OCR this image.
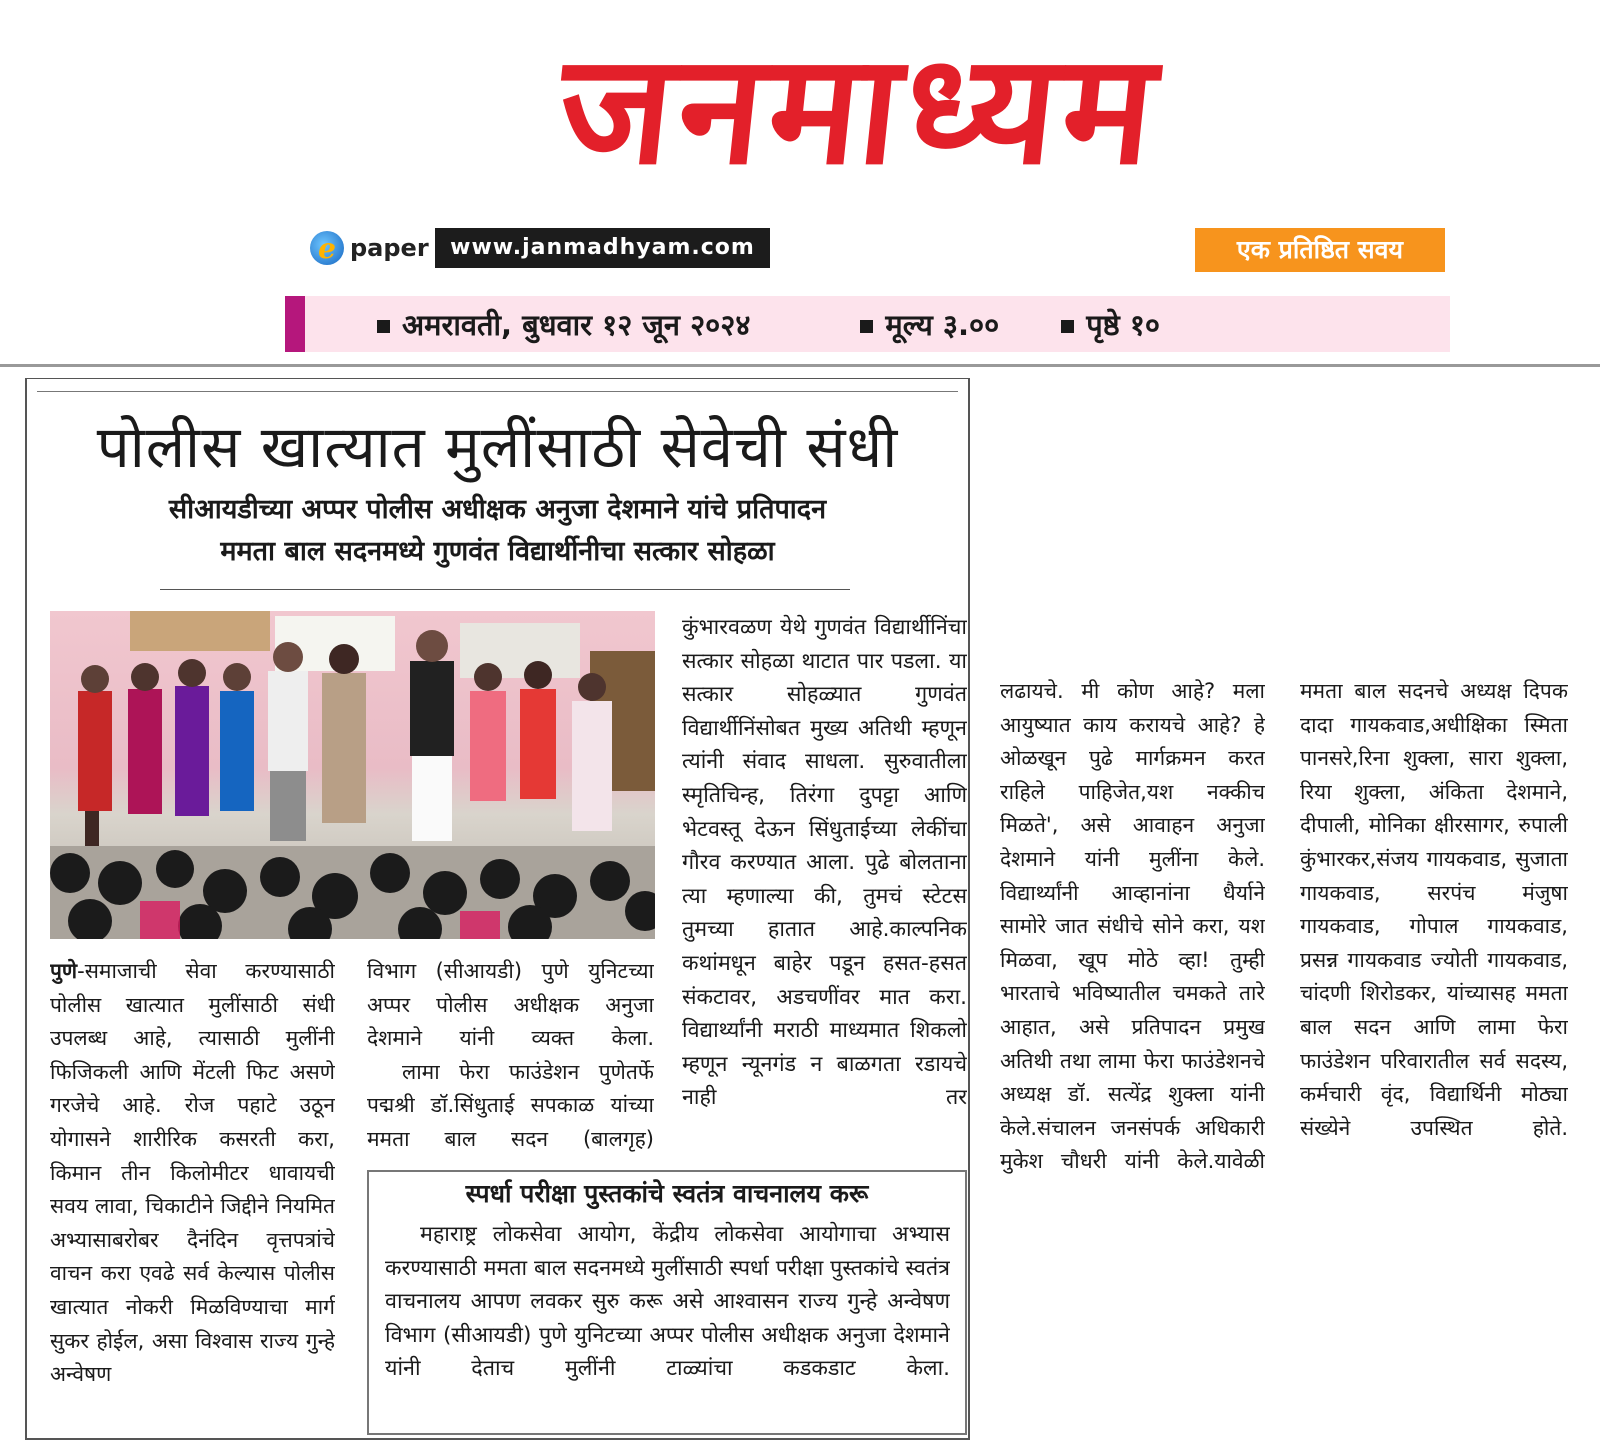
जनमाध्यम
e paper www.janmadhyam.com	एक प्रतिष्ठित सवय
अमरावती, बुधवार १२ जून २०२४	मूल्य ३.००	पृष्ठे १०
पोलीस खात्यात मुलींसाठी सेवेची संधी
सीआयडीच्या अप्पर पोलीस अधीक्षक अनुजा देशमाने यांचे प्रतिपादन
ममता बाल सदनमध्ये गुणवंत विद्यार्थीनीचा सत्कार सोहळा

पुणे-समाजाची सेवा करण्यासाठी पोलीस खात्यात मुलींसाठी संधी उपलब्ध आहे, त्यासाठी मुलींनी फिजिकली आणि मेंटली फिट असणे गरजेचे आहे. रोज पहाटे उठून योगासने शारीरिक कसरती करा, किमान तीन किलोमीटर धावायची सवय लावा, चिकाटीने जिद्दीने नियमित अभ्यासाबरोबर दैनंदिन वृत्तपत्रांचे वाचन करा एवढे सर्व केल्यास पोलीस खात्यात नोकरी मिळविण्याचा मार्ग सुकर होईल, असा विश्वास राज्य गुन्हे अन्वेषण

विभाग (सीआयडी) पुणे युनिटच्या अप्पर पोलीस अधीक्षक अनुजा देशमाने यांनी व्यक्त केला.

लामा फेरा फाउंडेशन पुणेतर्फे पद्मश्री डॉ.सिंधुताई सपकाळ यांच्या ममता बाल सदन (बालगृह)

कुंभारवळण येथे गुणवंत विद्यार्थीनिंचा सत्कार सोहळा थाटात पार पडला. या सत्कार सोहळ्यात गुणवंत विद्यार्थीनिंसोबत मुख्य अतिथी म्हणून त्यांनी संवाद साधला. सुरुवातीला स्मृतिचिन्ह, तिरंगा दुपट्टा आणि भेटवस्तू देऊन सिंधुताईच्या लेकींचा गौरव करण्यात आला. पुढे बोलताना त्या म्हणाल्या की, तुमचं स्टेटस तुमच्या हातात आहे.काल्पनिक कथांमधून बाहेर पडून हसत-हसत संकटावर, अडचणींवर मात करा. विद्यार्थ्यांनी मराठी माध्यमात शिकलो म्हणून न्यूनगंड न बाळगता रडायचे नाही तर

लढायचे. मी कोण आहे? मला आयुष्यात काय करायचे आहे? हे ओळखून पुढे मार्गक्रमन करत राहिले पाहिजेत,यश नक्कीच मिळते', असे आवाहन अनुजा देशमाने यांनी मुलींना केले. विद्यार्थ्यांनी आव्हानांना धैर्याने सामोरे जात संधीचे सोने करा, यश मिळवा, खूप मोठे व्हा! तुम्ही भारताचे भविष्यातील चमकते तारे आहात, असे प्रतिपादन प्रमुख अतिथी तथा लामा फेरा फाउंडेशनचे अध्यक्ष डॉ. सत्येंद्र शुक्ला यांनी केले.संचालन जनसंपर्क अधिकारी मुकेश चौधरी यांनी केले.यावेळी

ममता बाल सदनचे अध्यक्ष दिपक दादा गायकवाड,अधीक्षिका स्मिता पानसरे,रिना शुक्ला, सारा शुक्ला, रिया शुक्ला, अंकिता देशमाने, दीपाली, मोनिका क्षीरसागर, रुपाली कुंभारकर,संजय गायकवाड, सुजाता गायकवाड, सरपंच मंजुषा गायकवाड, गोपाल गायकवाड, प्रसन्न गायकवाड ज्योती गायकवाड, चांदणी शिरोडकर, यांच्यासह ममता बाल सदन आणि लामा फेरा फाउंडेशन परिवारातील सर्व सदस्य, कर्मचारी वृंद, विद्यार्थिनी मोठ्या संख्येने उपस्थित होते.

स्पर्धा परीक्षा पुस्तकांचे स्वतंत्र वाचनालय करू

महाराष्ट्र लोकसेवा आयोग, केंद्रीय लोकसेवा आयोगाचा अभ्यास करण्यासाठी ममता बाल सदनमध्ये मुलींसाठी स्पर्धा परीक्षा पुस्तकांचे स्वतंत्र वाचनालय आपण लवकर सुरु करू असे आश्वासन राज्य गुन्हे अन्वेषण विभाग (सीआयडी) पुणे युनिटच्या अप्पर पोलीस अधीक्षक अनुजा देशमाने यांनी देताच मुलींनी टाळ्यांचा कडकडाट केला.
